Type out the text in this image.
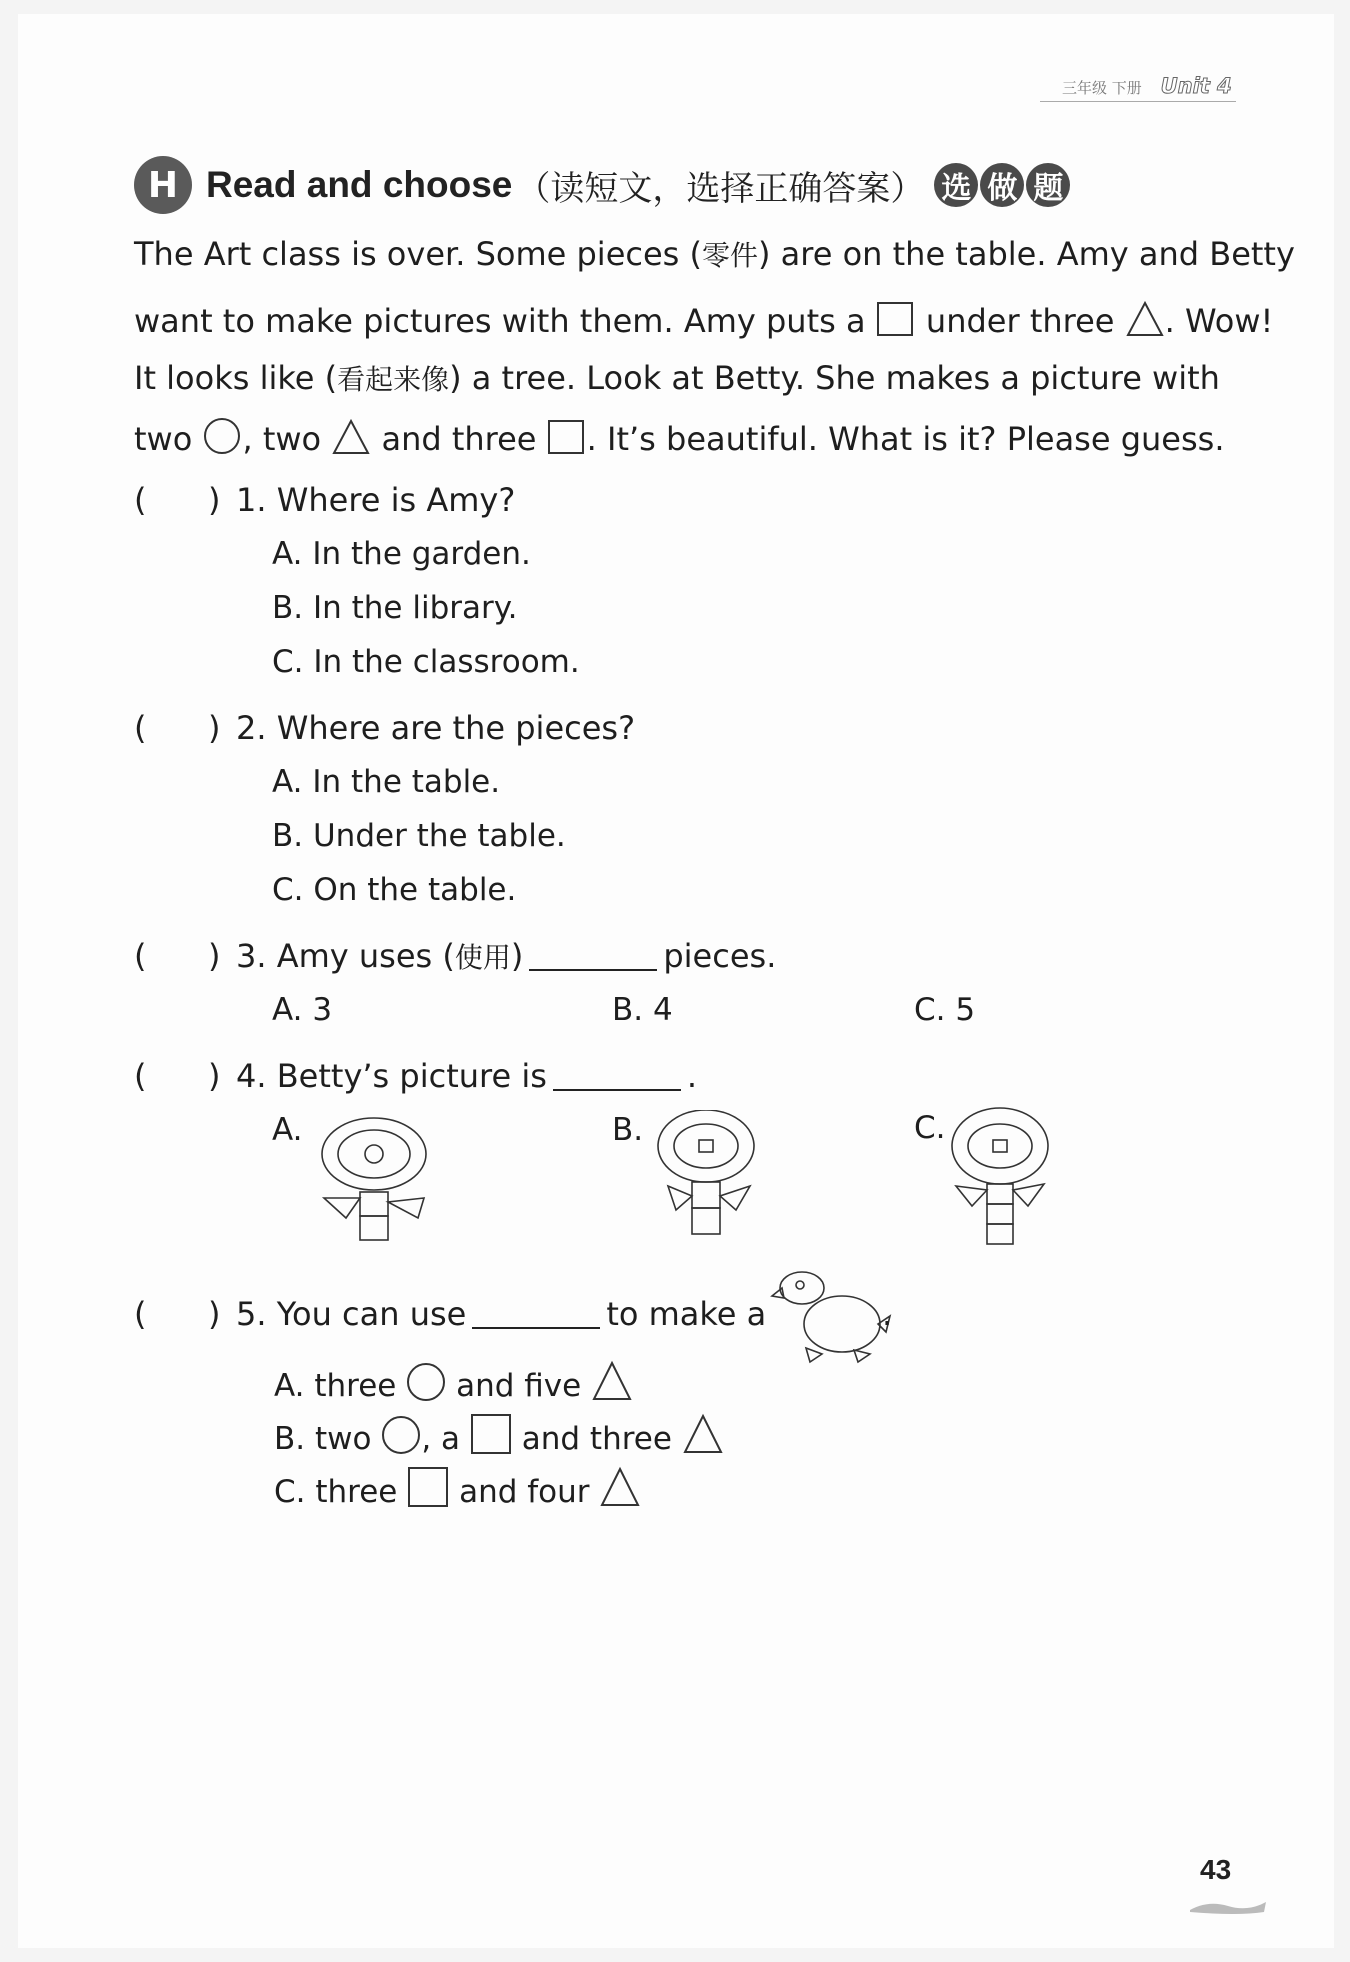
三年级 下册 Unit 4
H Read and choose （读短文，选择正确答案） 选 做 题
The Art class is over. Some pieces (零件) are on the table. Amy and Betty
want to make pictures with them. Amy puts a under three . Wow!
It looks like (看起来像) a tree. Look at Betty. She makes a picture with
two , two and three . It’s beautiful. What is it? Please guess.
( ) 1. Where is Amy?
A. In the garden.
B. In the library.
C. In the classroom.
( ) 2. Where are the pieces?
A. In the table.
B. Under the table.
C. On the table.
( ) 3. Amy uses (使用)	pieces.
A. 3	B. 4	C. 5
( ) 4. Betty’s picture is	.
A.	B.	C.
( ) 5. You can use	to make a	.
A. three and five
B. two , a and three
C. three and four
43
